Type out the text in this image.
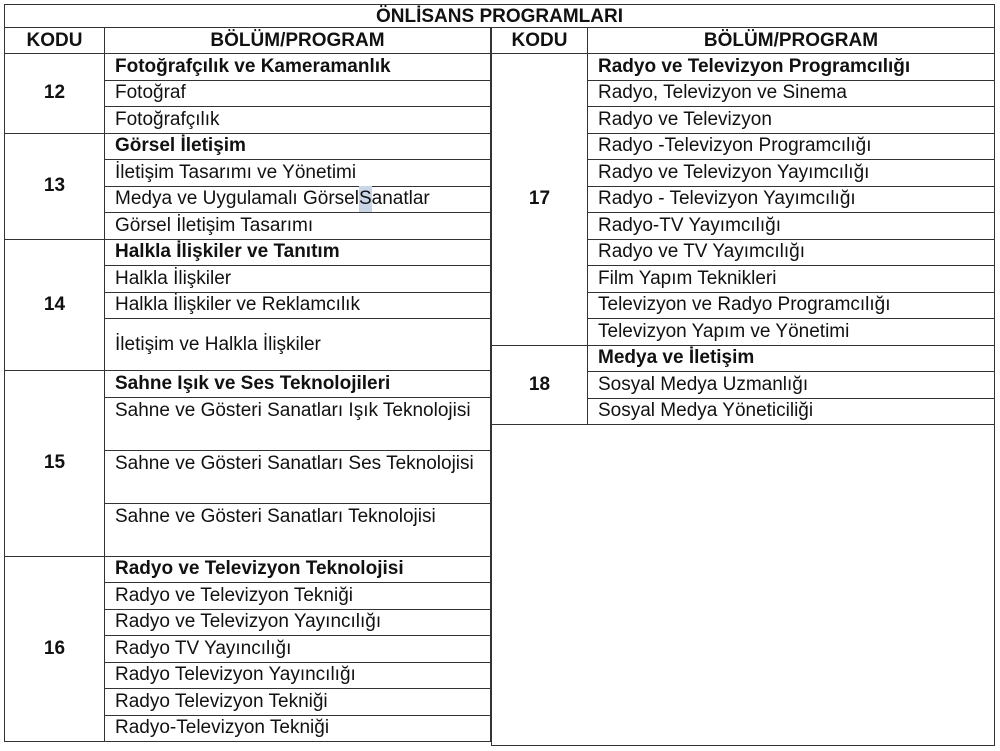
ÖNLİSANS PROGRAMLARI
KODU	BÖLÜM/PROGRAM
Fotoğrafçılık ve Kameramanlık
Fotoğraf
Fotoğrafçılık
12
Görsel İletişim
İletişim Tasarımı ve Yönetimi
Medya ve Uygulamalı Görsel S anatlar
Görsel İletişim Tasarımı
13
Halkla İlişkiler ve Tanıtım
Halkla İlişkiler
Halkla İlişkiler ve Reklamcılık
İletişim ve Halkla İlişkiler
14
Sahne Işık ve Ses Teknolojileri
Sahne ve Gösteri Sanatları Işık Teknolojisi
Sahne ve Gösteri Sanatları Ses Teknolojisi
Sahne ve Gösteri Sanatları Teknolojisi
15
Radyo ve Televizyon Teknolojisi
Radyo ve Televizyon Tekniği
Radyo ve Televizyon Yayıncılığı
Radyo TV Yayıncılığı
Radyo Televizyon Yayıncılığı
Radyo Televizyon Tekniği
Radyo-Televizyon Tekniği
16
KODU	BÖLÜM/PROGRAM
Radyo ve Televizyon Programcılığı
Radyo, Televizyon ve Sinema
Radyo ve Televizyon
Radyo -Televizyon Programcılığı
Radyo ve Televizyon Yayımcılığı
Radyo - Televizyon Yayımcılığı
Radyo-TV Yayımcılığı
Radyo ve TV Yayımcılığı
Film Yapım Teknikleri
Televizyon ve Radyo Programcılığı
Televizyon Yapım ve Yönetimi
17
Medya ve İletişim
Sosyal Medya Uzmanlığı
Sosyal Medya Yöneticiliği
18
